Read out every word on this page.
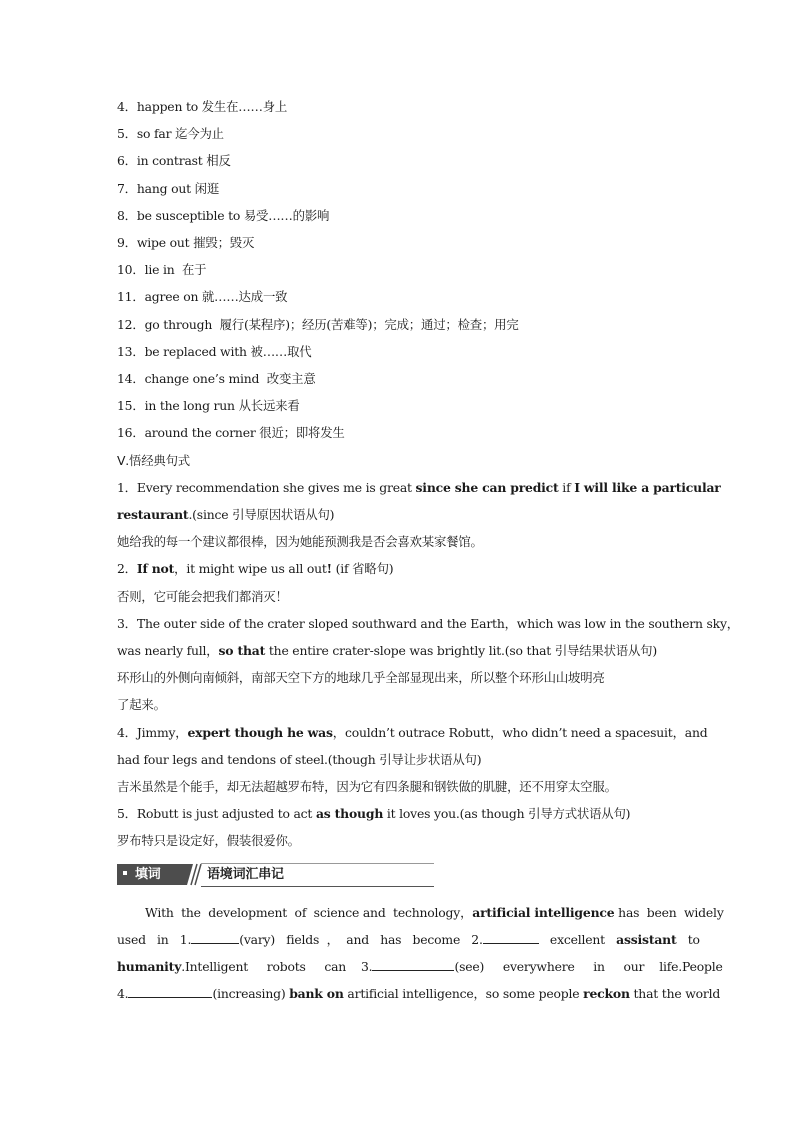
4．happen to 发生在……身上
5．so far 迄今为止
6．in contrast 相反
7．hang out 闲逛
8．be susceptible to 易受……的影响
9．wipe out 摧毁；毁灭
10．lie in  在于
11．agree on 就……达成一致
12．go through  履行(某程序)；经历(苦难等)；完成；通过；检查；用完
13．be replaced with 被……取代
14．change one’s mind  改变主意
15．in the long run 从长远来看
16．around the corner 很近；即将发生
Ⅴ.悟经典句式
1．Every recommendation she gives me is great since she can predict if I will like a particular
restaurant.(since 引导原因状语从句)
她给我的每一个建议都很棒，因为她能预测我是否会喜欢某家餐馆。
2．If not，it might wipe us all out! (if 省略句)
否则，它可能会把我们都消灭！
3．The outer side of the crater sloped southward and the Earth，which was low in the southern sky，
was nearly full，so that the entire crater-slope was brightly lit.(so that 引导结果状语从句)
环形山的外侧向南倾斜，南部天空下方的地球几乎全部显现出来，所以整个环形山山坡明亮
了起来。
4．Jimmy，expert though he was，couldn’t outrace Robutt，who didn’t need a spacesuit，and
had four legs and tendons of steel.(though 引导让步状语从句)
吉米虽然是个能手，却无法超越罗布特，因为它有四条腿和钢铁做的肌腱，还不用穿太空服。
5．Robutt is just adjusted to act as though it loves you.(as though 引导方式状语从句)
罗布特只是设定好，假装很爱你。
填词	语境词汇串记
With  the  development  of  science and  technology，artificial intelligence has  been  widely
used   in   1.	(vary)   fields  ，  and   has   become   2.	excellent   assistant   to
humanity.Intelligent     robots     can    3.	(see)     everywhere     in     our    life.People
4.	(increasing) bank on artificial intelligence，so some people reckon that the world
